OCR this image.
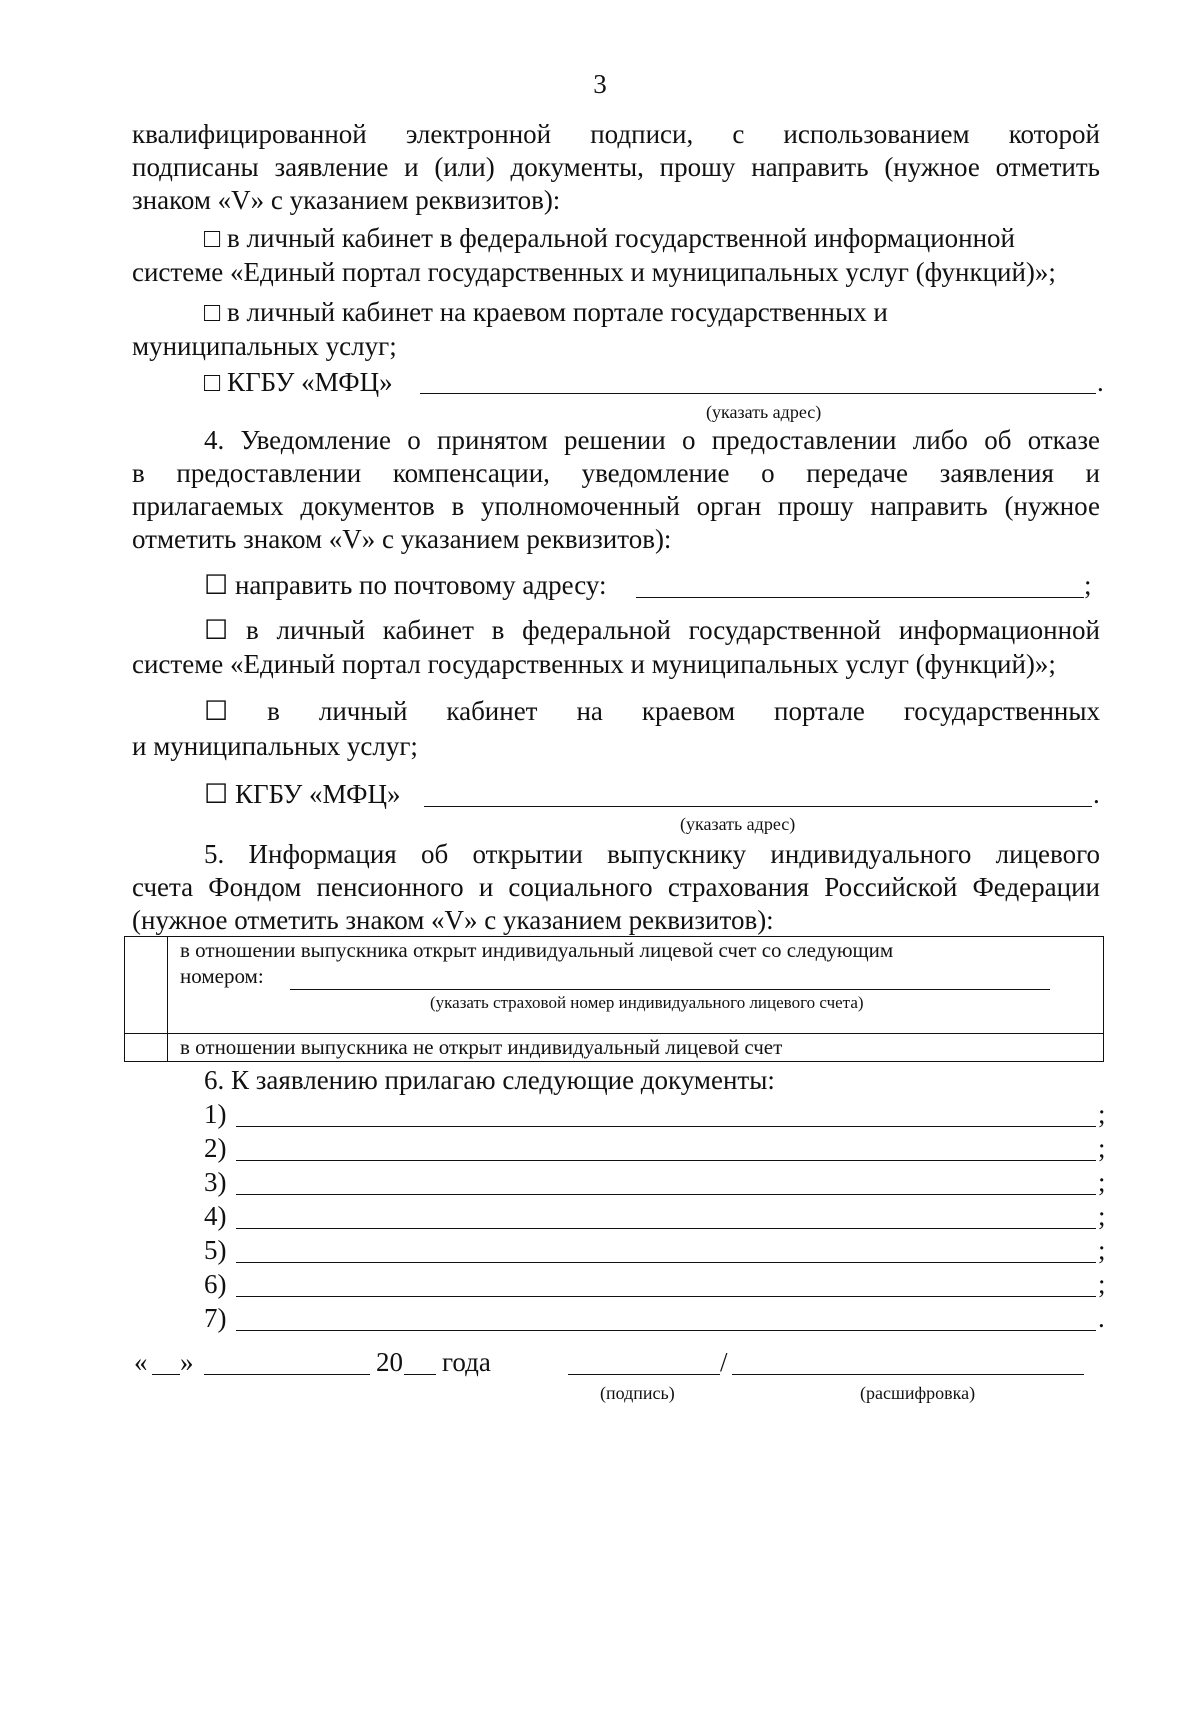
3
квалифицированной электронной подписи, с использованием которой
подписаны заявление и (или) документы, прошу направить (нужное отметить
знаком «V» с указанием реквизитов):
□ в личный кабинет в федеральной государственной информационной
системе «Единый портал государственных и муниципальных услуг (функций)»;
□ в личный кабинет на краевом портале государственных и
муниципальных услуг;
□ КГБУ «МФЦ»	.
(указать адрес)
4. Уведомление о принятом решении о предоставлении либо об отказе
в предоставлении компенсации, уведомление о передаче заявления и
прилагаемых документов в уполномоченный орган прошу направить (нужное
отметить знаком «V» с указанием реквизитов):
☐ направить по почтовому адресу:	;
☐ в личный кабинет в федеральной государственной информационной
системе «Единый портал государственных и муниципальных услуг (функций)»;
☐ в личный кабинет на краевом портале государственных
и муниципальных услуг;
☐ КГБУ «МФЦ»	.
(указать адрес)
5. Информация об открытии выпускнику индивидуального лицевого
счета Фондом пенсионного и социального страхования Российской Федерации
(нужное отметить знаком «V» с указанием реквизитов):

	в отношении выпускника открыт индивидуальный лицевой счет со следующим
номером:
(указать страховой номер индивидуального лицевого счета)

	в отношении выпускника не открыт индивидуальный лицевой счет
6. К заявлению прилагаю следующие документы:
1)	;
2)	;
3)	;
4)	;
5)	;
6)	;
7)	.
« »	20 года	/
(подпись)	(расшифровка)
